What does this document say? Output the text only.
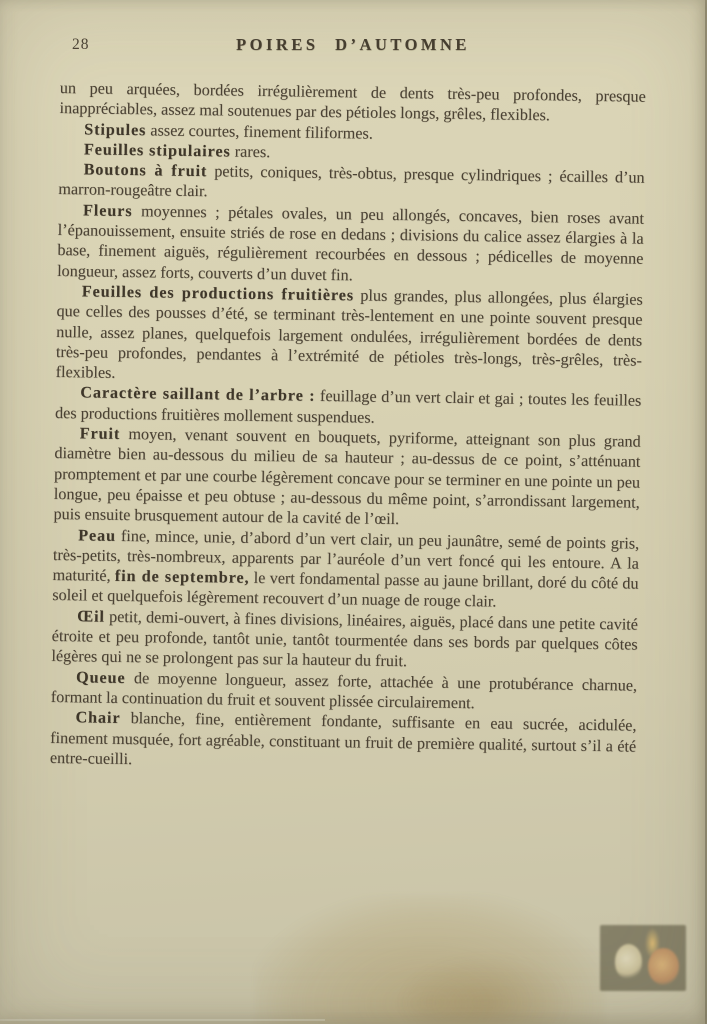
28	POIRES D’AUTOMNE

un peu arquées, bordées irrégulièrement de dents très-peu profondes, presque inappréciables, assez mal soutenues par des pétioles longs, grêles, flexibles.

Stipules assez courtes, finement filiformes.

Feuilles stipulaires rares.

Boutons à fruit petits, coniques, très-obtus, presque cylindriques ; écailles d’un marron-rougeâtre clair.

Fleurs moyennes ; pétales ovales, un peu allongés, concaves, bien roses avant l’épanouissement, ensuite striés de rose en dedans ; divisions du calice assez élargies à la base, finement aiguës, régulièrement recourbées en dessous ; pédicelles de moyenne longueur, assez forts, couverts d’un duvet fin.

Feuilles des productions fruitières plus grandes, plus allongées, plus élargies que celles des pousses d’été, se terminant très-lentement en une pointe souvent presque nulle, assez planes, quelquefois largement ondulées, irrégulièrement bordées de dents très-peu profondes, pendantes à l’extrémité de pétioles très-longs, très-grêles, très-flexibles.

Caractère saillant de l’arbre : feuillage d’un vert clair et gai ; toutes les feuilles des productions fruitières mollement suspendues.

Fruit moyen, venant souvent en bouquets, pyriforme, atteignant son plus grand diamètre bien au-dessous du milieu de sa hauteur ; au-dessus de ce point, s’atténuant promptement et par une courbe légèrement concave pour se terminer en une pointe un peu longue, peu épaisse et peu obtuse ; au-dessous du même point, s’arrondissant largement, puis ensuite brusquement autour de la cavité de l’œil.

Peau fine, mince, unie, d’abord d’un vert clair, un peu jaunâtre, semé de points gris, très-petits, très-nombreux, apparents par l’auréole d’un vert foncé qui les entoure. A la maturité, fin de septembre, le vert fondamental passe au jaune brillant, doré du côté du soleil et quelquefois légèrement recouvert d’un nuage de rouge clair.

Œil petit, demi-ouvert, à fines divisions, linéaires, aiguës, placé dans une petite cavité étroite et peu profonde, tantôt unie, tantôt tourmentée dans ses bords par quelques côtes légères qui ne se prolongent pas sur la hauteur du fruit.

Queue de moyenne longueur, assez forte, attachée à une protubérance charnue, formant la continuation du fruit et souvent plissée circulairement.

Chair blanche, fine, entièrement fondante, suffisante en eau sucrée, acidulée, finement musquée, fort agréable, constituant un fruit de première qualité, surtout s’il a été entre-cueilli.
